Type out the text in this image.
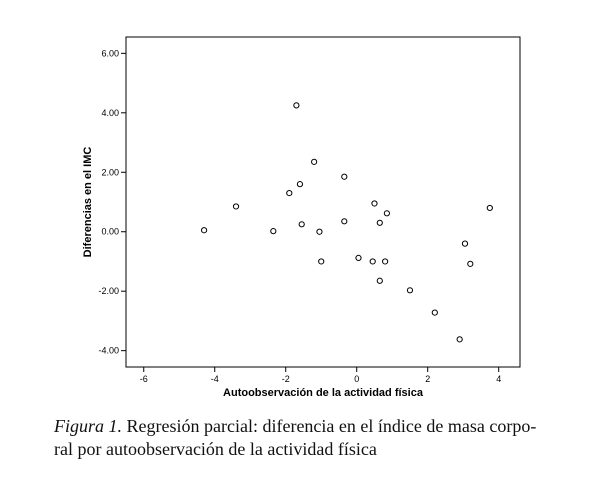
6.00
4.00
2.00
0.00
-2.00
-4.00
-6	-4	-2	0	2	4
Autoobservación de la actividad física
Diferencias en el IMC
Figura 1. Regresión parcial: diferencia en el índice de masa corpo-
ral por autoobservación de la actividad física
